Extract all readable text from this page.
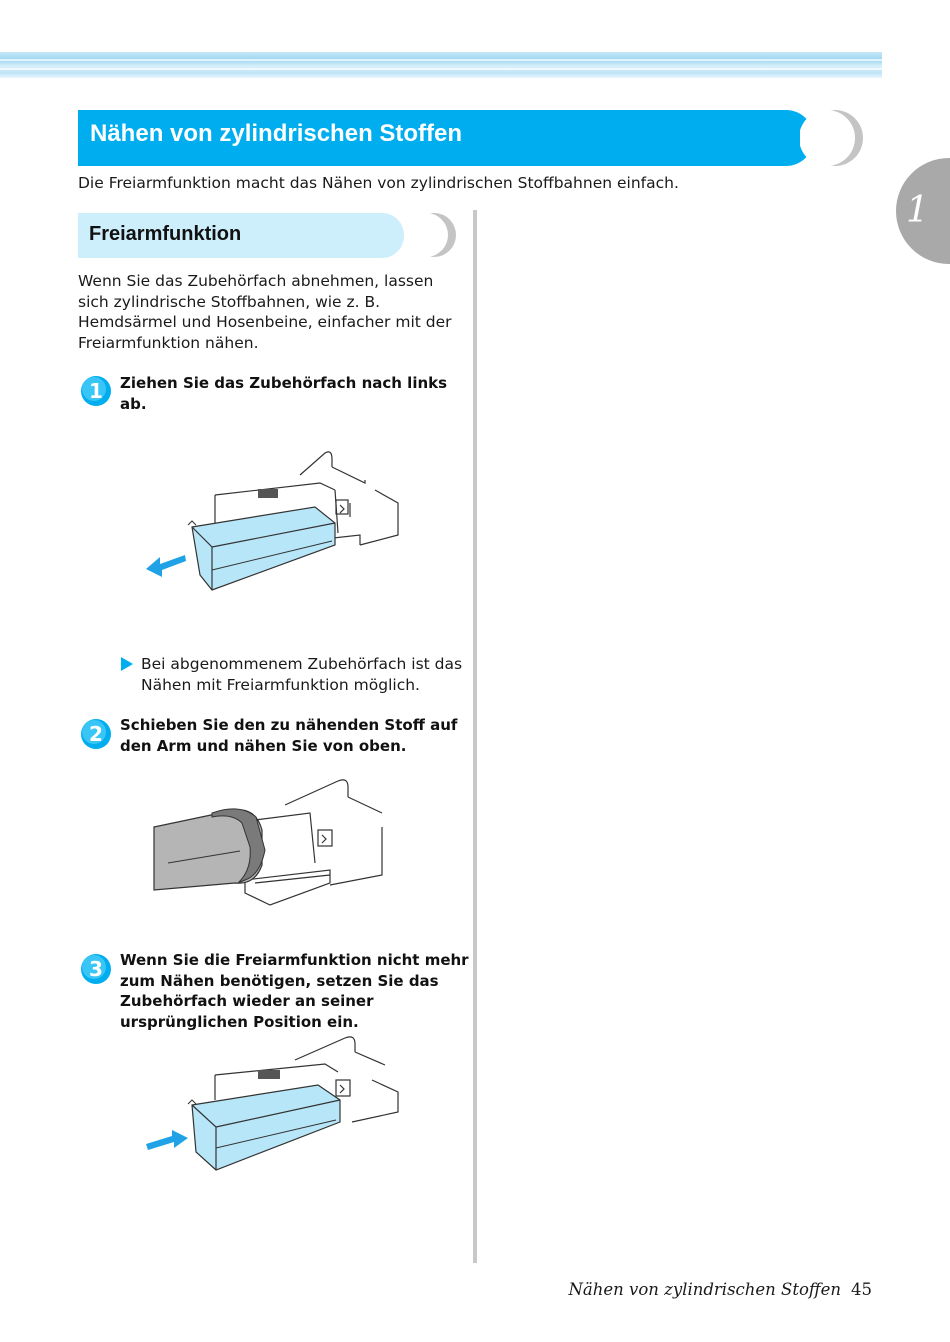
Nähen von zylindrischen Stoffen
1
Die Freiarmfunktion macht das Nähen von zylindrischen Stoffbahnen einfach.
Freiarmfunktion
Wenn Sie das Zubehörfach abnehmen, lassen sich zylindrische Stoffbahnen, wie z. B. Hemdsärmel und Hosenbeine, einfacher mit der Freiarmfunktion nähen.
1 Ziehen Sie das Zubehörfach nach links ab.
Bei abgenommenem Zubehörfach ist das Nähen mit Freiarmfunktion möglich.
2 Schieben Sie den zu nähenden Stoff auf den Arm und nähen Sie von oben.
3 Wenn Sie die Freiarmfunktion nicht mehr zum Nähen benötigen, setzen Sie das Zubehörfach wieder an seiner ursprünglichen Position ein.
Nähen von zylindrischen Stoffen 45
